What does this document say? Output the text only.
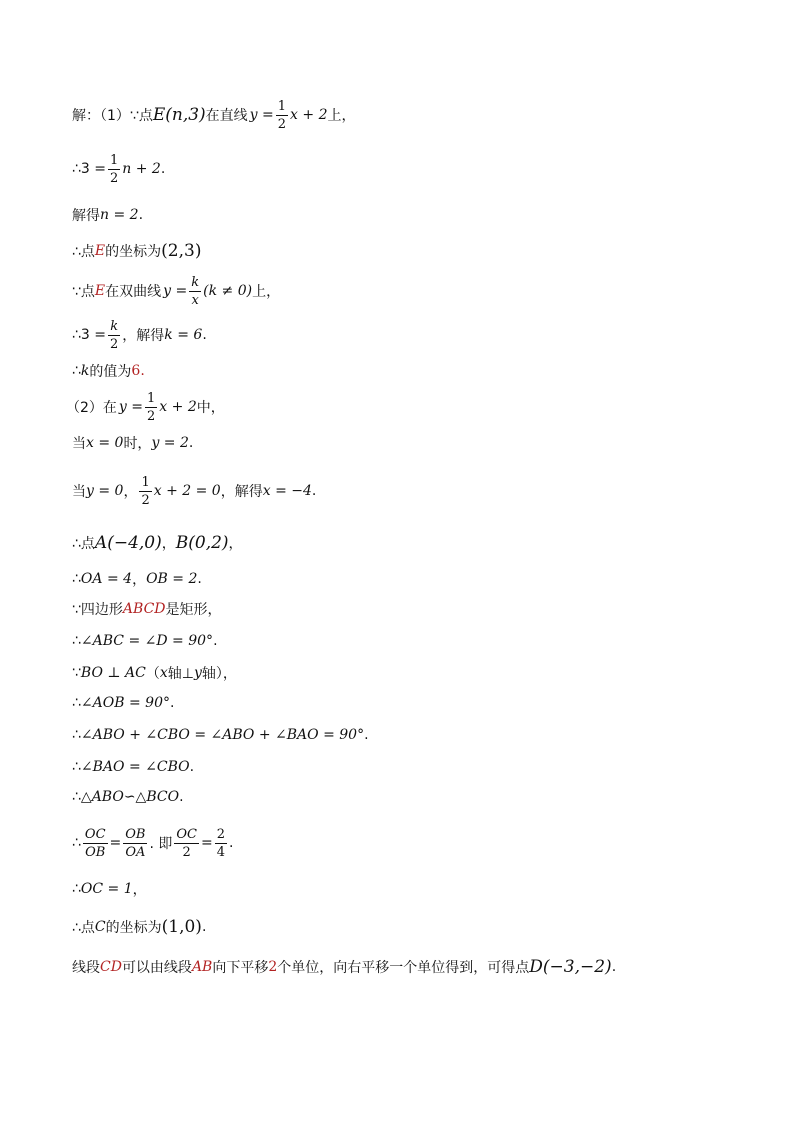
解：（1）∵点 E(n,3) 在直线 $y = \frac{1}{2}$ x + 2 上，
∴3 = $\frac{1}{2}$ n + 2 .
解得 n = 2 .
∴点 E 的坐标为 (2,3)
∵点 E 在双曲线 $y = \frac{k}{x} (k \ne 0)$ 上，
∴3 = $\frac{k}{2}$ ，解得 k = 6 .
∴ k 的值为 6.
（2）在 $y = \frac{1}{2}$ x + 2 中，
当 x = 0 时， y = 2 .
当 y = 0 ， $\frac{1}{2}$ x + 2 = 0 ，解得 x = −4 .
∴点 A(−4,0) ， B(0,2) ，
∴ OA = 4 ， OB = 2 .
∵四边形 ABCD 是矩形，
∴ ∠ABC = ∠D = 90° .
∵ BO ⊥ AC （ x 轴⊥ y 轴），
∴ ∠AOB = 90° .
∴ ∠ABO + ∠CBO = ∠ABO + ∠BAO = 90° .
∴ ∠BAO = ∠CBO .
∴ △ABO∽△BCO .
∴ $\frac{OC}{OB} = \frac{OB}{OA}$ . 即 $\frac{OC}{2} = \frac{2}{4}$ .
∴ OC = 1 ，
∴点 C 的坐标为 (1,0) .
线段 CD 可以由线段 AB 向下平移 2 个单位，向右平移一个单位得到，可得点 D(−3,−2) .
